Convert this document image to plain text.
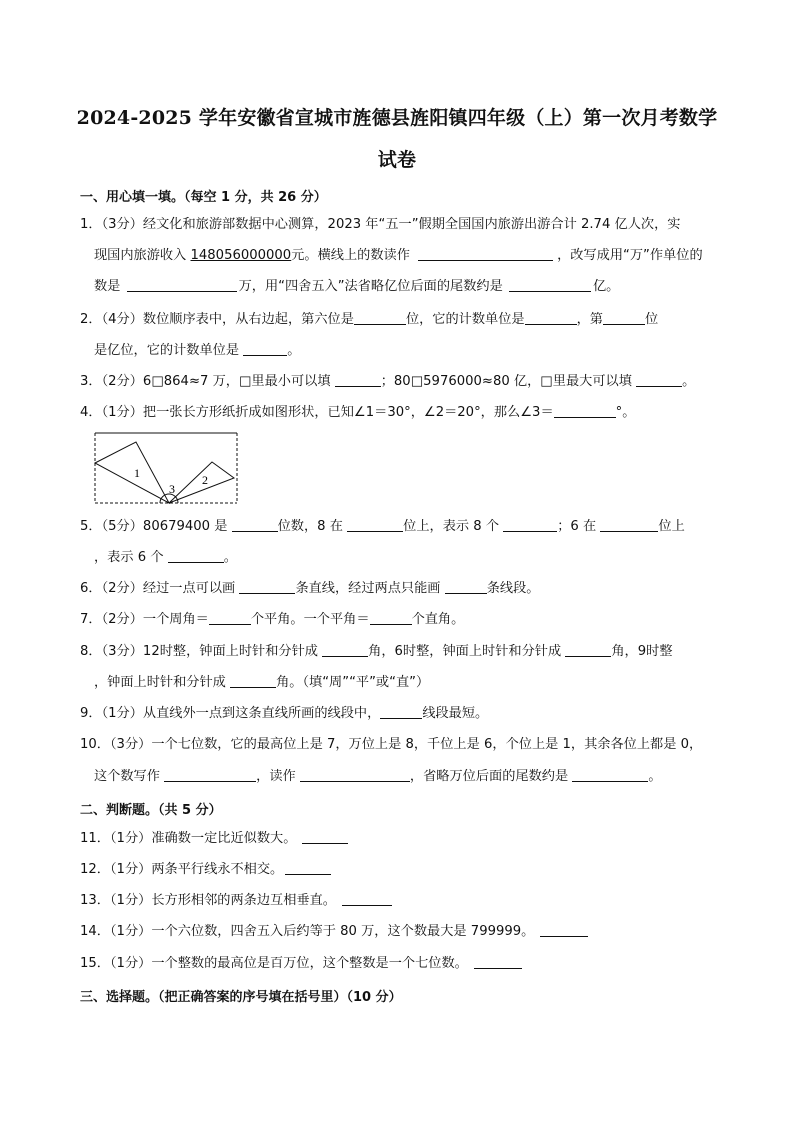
2024-2025 学年安徽省宣城市旌德县旌阳镇四年级（上）第一次月考数学
试卷
一、用心填一填。（每空 1 分，共 26 分）
1．（3分）经文化和旅游部数据中心测算，2023 年“五一”假期全国国内旅游出游合计 2.74 亿人次，实
现国内旅游收入 148056000000元。横线上的数读作	，改写成用“万”作单位的
数是	万，用“四舍五入”法省略亿位后面的尾数约是	亿。
2．（4分）数位顺序表中，从右边起，第六位是	位，它的计数单位是	，第	位
是亿位，它的计数单位是	。
3．（2分）6□864≈7 万，□里最小可以填	；80□5976000≈80 亿，□里最大可以填	。
4．（1分）把一张长方形纸折成如图形状，已知∠1＝30°，∠2＝20°，那么∠3＝	°。
1
3
2
5．（5分）80679400 是	位数，8 在	位上，表示 8 个	；6 在	位上
，表示 6 个	。
6．（2分）经过一点可以画	条直线，经过两点只能画	条线段。
7．（2分）一个周角＝	个平角。一个平角＝	个直角。
8．（3分）12时整，钟面上时针和分针成	角，6时整，钟面上时针和分针成	角，9时整
，钟面上时针和分针成	角。（填“周”“平”或“直”）
9．（1分）从直线外一点到这条直线所画的线段中，	线段最短。
10．（3分）一个七位数，它的最高位上是 7，万位上是 8，千位上是 6，个位上是 1，其余各位上都是 0，
这个数写作	，读作	，省略万位后面的尾数约是	。
二、判断题。（共 5 分）
11．（1分）准确数一定比近似数大。
12．（1分）两条平行线永不相交。
13．（1分）长方形相邻的两条边互相垂直。
14．（1分）一个六位数，四舍五入后约等于 80 万，这个数最大是 799999。
15．（1分）一个整数的最高位是百万位，这个整数是一个七位数。
三、选择题。（把正确答案的序号填在括号里）（10 分）
